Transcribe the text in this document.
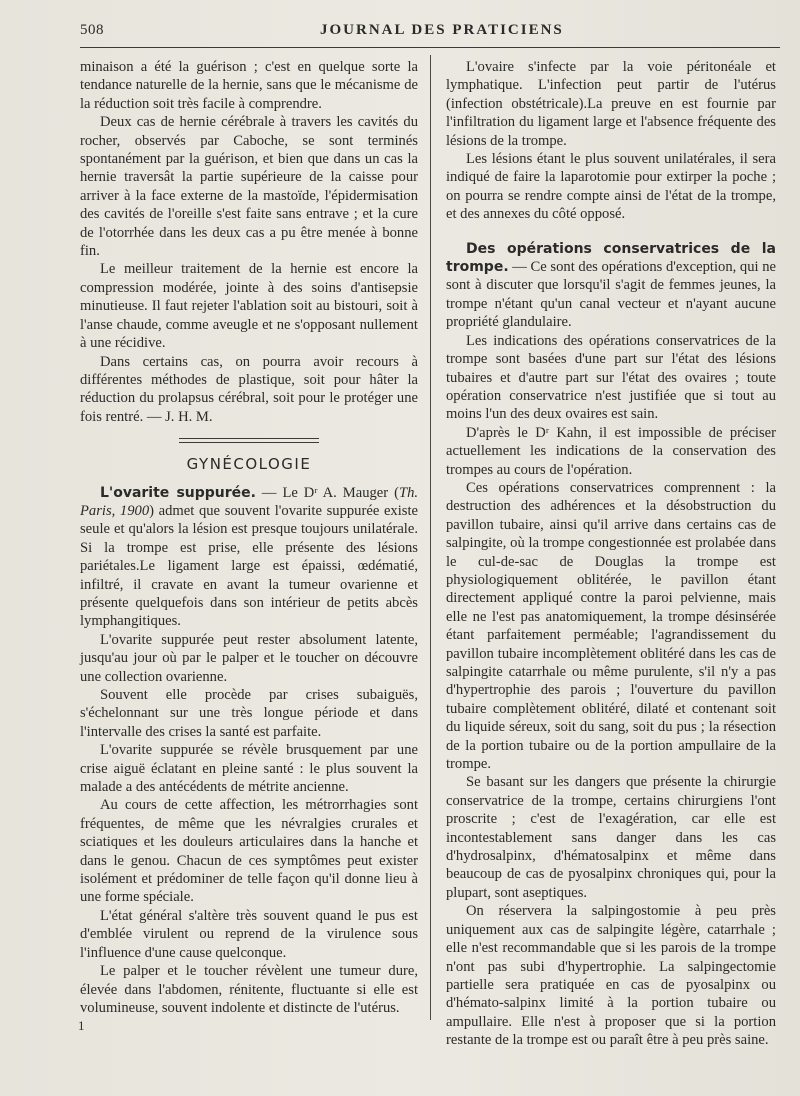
508	JOURNAL DES PRATICIENS

minaison a été la guérison ; c'est en quelque sorte la tendance naturelle de la hernie, sans que le mécanisme de la réduction soit très facile à comprendre.

Deux cas de hernie cérébrale à travers les cavités du rocher, observés par Caboche, se sont terminés spontanément par la guérison, et bien que dans un cas la hernie traversât la partie supérieure de la caisse pour arriver à la face externe de la mastoïde, l'épidermisation des cavités de l'oreille s'est faite sans entrave ; et la cure de l'otorrhée dans les deux cas a pu être menée à bonne fin.

Le meilleur traitement de la hernie est encore la compression modérée, jointe à des soins d'antisepsie minutieuse. Il faut rejeter l'ablation soit au bistouri, soit à l'anse chaude, comme aveugle et ne s'opposant nullement à une récidive.

Dans certains cas, on pourra avoir recours à différentes méthodes de plastique, soit pour hâter la réduction du prolapsus cérébral, soit pour le protéger une fois rentré. — J. H. M.

GYNÉCOLOGIE

L'ovarite suppurée. — Le Dʳ A. Mauger (Th. Paris, 1900) admet que souvent l'ovarite suppurée existe seule et qu'alors la lésion est presque toujours unilatérale. Si la trompe est prise, elle présente des lésions pariétales.Le ligament large est épaissi, œdématié, infiltré, il cravate en avant la tumeur ovarienne et présente quelquefois dans son intérieur de petits abcès lymphangitiques.

L'ovarite suppurée peut rester absolument latente, jusqu'au jour où par le palper et le toucher on découvre une collection ovarienne.

Souvent elle procède par crises subaiguës, s'échelonnant sur une très longue période et dans l'intervalle des crises la santé est parfaite.

L'ovarite suppurée se révèle brusquement par une crise aiguë éclatant en pleine santé : le plus souvent la malade a des antécédents de métrite ancienne.

Au cours de cette affection, les métrorrhagies sont fréquentes, de même que les névralgies crurales et sciatiques et les douleurs articulaires dans la hanche et dans le genou. Chacun de ces symptômes peut exister isolément et prédominer de telle façon qu'il donne lieu à une forme spéciale.

L'état général s'altère très souvent quand le pus est d'emblée virulent ou reprend de la virulence sous l'influence d'une cause quelconque.

Le palper et le toucher révèlent une tumeur dure, élevée dans l'abdomen, rénitente, fluctuante si elle est volumineuse, souvent indolente et distincte de l'utérus.

1

L'ovaire s'infecte par la voie péritonéale et lymphatique. L'infection peut partir de l'utérus (infection obstétricale).La preuve en est fournie par l'infiltration du ligament large et l'absence fréquente des lésions de la trompe.

Les lésions étant le plus souvent unilatérales, il sera indiqué de faire la laparotomie pour extirper la poche ; on pourra se rendre compte ainsi de l'état de la trompe, et des annexes du côté opposé.

Des opérations conservatrices de la trompe. — Ce sont des opérations d'exception, qui ne sont à discuter que lorsqu'il s'agit de femmes jeunes, la trompe n'étant qu'un canal vecteur et n'ayant aucune propriété glandulaire.

Les indications des opérations conservatrices de la trompe sont basées d'une part sur l'état des lésions tubaires et d'autre part sur l'état des ovaires ; toute opération conservatrice n'est justifiée que si tout au moins l'un des deux ovaires est sain.

D'après le Dʳ Kahn, il est impossible de préciser actuellement les indications de la conservation des trompes au cours de l'opération.

Ces opérations conservatrices comprennent : la destruction des adhérences et la désobstruction du pavillon tubaire, ainsi qu'il arrive dans certains cas de salpingite, où la trompe congestionnée est prolabée dans le cul-de-sac de Douglas la trompe est physiologiquement oblitérée, le pavillon étant directement appliqué contre la paroi pelvienne, mais elle ne l'est pas anatomiquement, la trompe désinsérée étant parfaitement perméable; l'agrandissement du pavillon tubaire incomplètement oblitéré dans les cas de salpingite catarrhale ou même purulente, s'il n'y a pas d'hypertrophie des parois ; l'ouverture du pavillon tubaire complètement oblitéré, dilaté et contenant soit du liquide séreux, soit du sang, soit du pus ; la résection de la portion tubaire ou de la portion ampullaire de la trompe.

Se basant sur les dangers que présente la chirurgie conservatrice de la trompe, certains chirurgiens l'ont proscrite ; c'est de l'exagération, car elle est incontestablement sans danger dans les cas d'hydrosalpinx, d'hématosalpinx et même dans beaucoup de cas de pyosalpinx chroniques qui, pour la plupart, sont aseptiques.

On réservera la salpingostomie à peu près uniquement aux cas de salpingite légère, catarrhale ; elle n'est recommandable que si les parois de la trompe n'ont pas subi d'hypertrophie. La salpingectomie partielle sera pratiquée en cas de pyosalpinx ou d'hémato-salpinx limité à la portion tubaire ou ampullaire. Elle n'est à proposer que si la portion restante de la trompe est ou paraît être à peu près saine.
